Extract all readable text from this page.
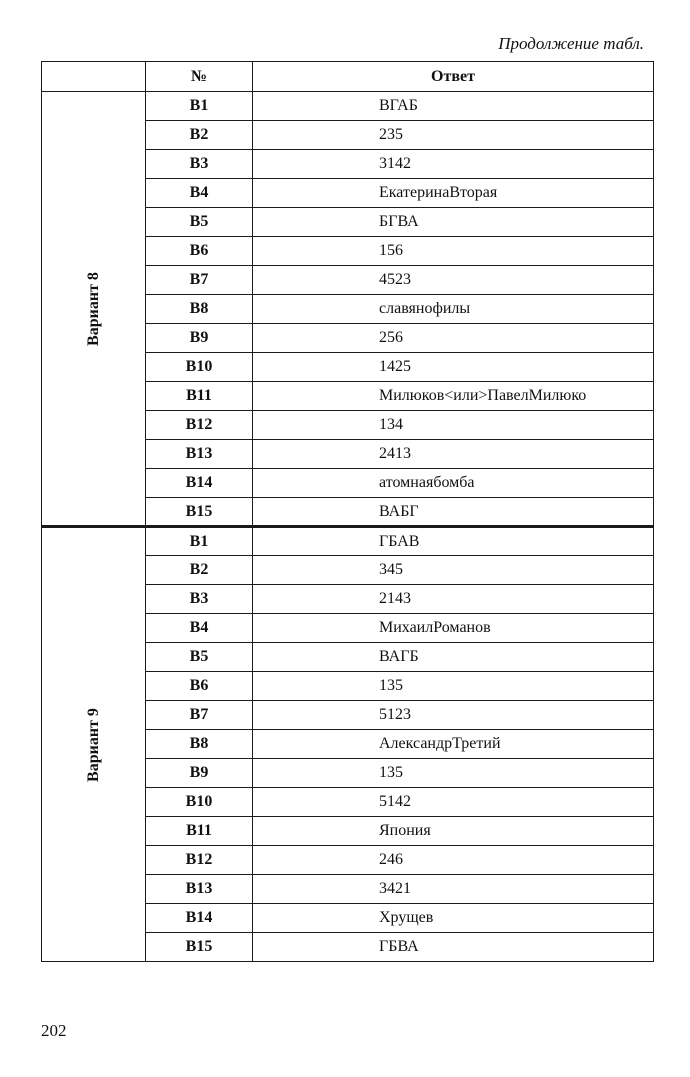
Продолжение табл.
	№	Ответ
Вариант 8	B1	ВГАБ
	B2	235
	B3	3142
	B4	ЕкатеринаВторая
	B5	БГВА
	B6	156
	B7	4523
	B8	славянофилы
	B9	256
	B10	1425
	B11	Милюков<или>ПавелМилюко
	B12	134
	B13	2413
	B14	атомнаябомба
	B15	ВАБГ
Вариант 9	B1	ГБАВ
	B2	345
	B3	2143
	B4	МихаилРоманов
	B5	ВАГБ
	B6	135
	B7	5123
	B8	АлександрТретий
	B9	135
	B10	5142
	B11	Япония
	B12	246
	B13	3421
	B14	Хрущев
	B15	ГБВА
202
